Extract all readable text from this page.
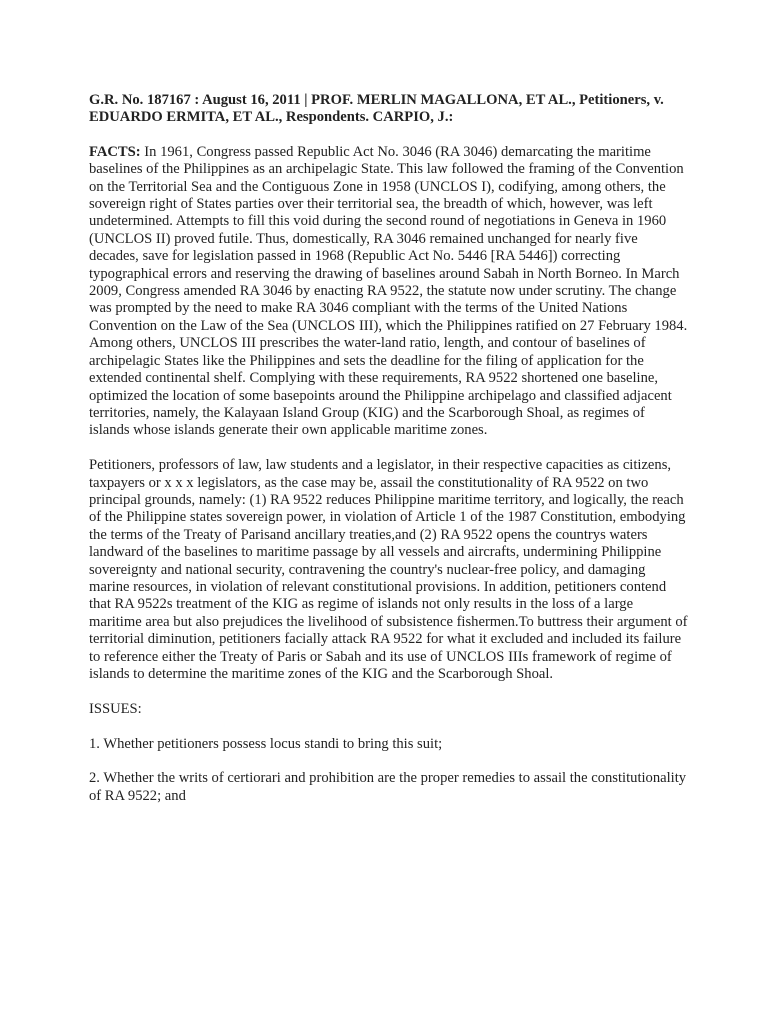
G.R. No. 187167 : August 16, 2011 | PROF. MERLIN MAGALLONA, ET AL., Petitioners, v. EDUARDO ERMITA, ET AL., Respondents. CARPIO, J.:

FACTS: In 1961, Congress passed Republic Act No. 3046 (RA 3046) demarcating the maritime baselines of the Philippines as an archipelagic State. This law followed the framing of the Convention on the Territorial Sea and the Contiguous Zone in 1958 (UNCLOS I), codifying, among others, the sovereign right of States parties over their territorial sea, the breadth of which, however, was left undetermined. Attempts to fill this void during the second round of negotiations in Geneva in 1960 (UNCLOS II) proved futile. Thus, domestically, RA 3046 remained unchanged for nearly five decades, save for legislation passed in 1968 (Republic Act No. 5446 [RA 5446]) correcting typographical errors and reserving the drawing of baselines around Sabah in North Borneo. In March 2009, Congress amended RA 3046 by enacting RA 9522, the statute now under scrutiny. The change was prompted by the need to make RA 3046 compliant with the terms of the United Nations Convention on the Law of the Sea (UNCLOS III), which the Philippines ratified on 27 February 1984. Among others, UNCLOS III prescribes the water-land ratio, length, and contour of baselines of archipelagic States like the Philippines and sets the deadline for the filing of application for the extended continental shelf. Complying with these requirements, RA 9522 shortened one baseline, optimized the location of some basepoints around the Philippine archipelago and classified adjacent territories, namely, the Kalayaan Island Group (KIG) and the Scarborough Shoal, as regimes of islands whose islands generate their own applicable maritime zones.

Petitioners, professors of law, law students and a legislator, in their respective capacities as citizens, taxpayers or x x x legislators, as the case may be, assail the constitutionality of RA 9522 on two principal grounds, namely: (1) RA 9522 reduces Philippine maritime territory, and logically, the reach of the Philippine states sovereign power, in violation of Article 1 of the 1987 Constitution, embodying the terms of the Treaty of Parisand ancillary treaties,and (2) RA 9522 opens the countrys waters landward of the baselines to maritime passage by all vessels and aircrafts, undermining Philippine sovereignty and national security, contravening the country's nuclear-free policy, and damaging marine resources, in violation of relevant constitutional provisions. In addition, petitioners contend that RA 9522s treatment of the KIG as regime of islands not only results in the loss of a large maritime area but also prejudices the livelihood of subsistence fishermen.To buttress their argument of territorial diminution, petitioners facially attack RA 9522 for what it excluded and included its failure to reference either the Treaty of Paris or Sabah and its use of UNCLOS IIIs framework of regime of islands to determine the maritime zones of the KIG and the Scarborough Shoal.

ISSUES:

1. Whether petitioners possess locus standi to bring this suit;

2. Whether the writs of certiorari and prohibition are the proper remedies to assail the constitutionality of RA 9522; and
